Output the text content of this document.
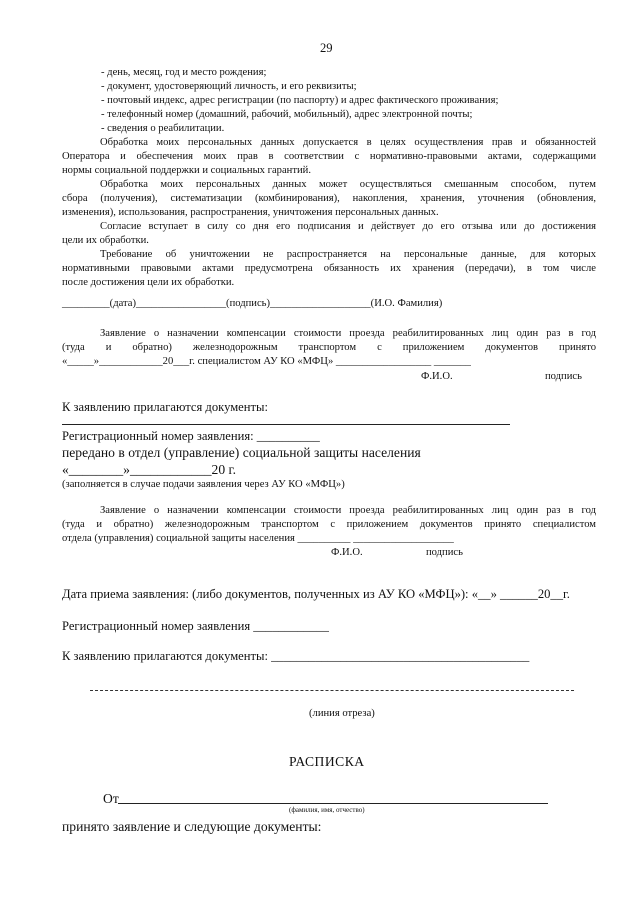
29
- день, месяц, год и место рождения;
- документ, удостоверяющий личность, и его реквизиты;
- почтовый индекс, адрес регистрации (по паспорту) и адрес фактического проживания;
- телефонный номер (домашний, рабочий, мобильный), адрес электронной почты;
- сведения о реабилитации.
Обработка моих персональных данных допускается в целях осуществления прав и обязанностей
Оператора и обеспечения моих прав в соответствии с нормативно-правовыми актами, содержащими
нормы социальной поддержки и социальных гарантий.
Обработка моих персональных данных может осуществляться смешанным способом, путем
сбора (получения), систематизации (комбинирования), накопления, хранения, уточнения (обновления,
изменения), использования, распространения, уничтожения персональных данных.
Согласие вступает в силу со дня его подписания и действует до его отзыва или до достижения
цели их обработки.
Требование об уничтожении не распространяется на персональные данные, для которых
нормативными правовыми актами предусмотрена обязанность их хранения (передачи), в том числе
после достижения цели их обработки.
_________(дата)_________________(подпись)___________________(И.О. Фамилия)
Заявление о назначении компенсации стоимости проезда реабилитированных лиц один раз в год
(туда и обратно) железнодорожным транспортом с приложением документов принято
«_____»____________20___г. специалистом АУ КО «МФЦ» __________________ _______
Ф.И.О.	подпись
К заявлению прилагаются документы:
Регистрационный номер заявления: __________
передано в отдел (управление) социальной защиты населения
«________»____________20 г.
(заполняется в случае подачи заявления через АУ КО «МФЦ»)
Заявление о назначении компенсации стоимости проезда реабилитированных лиц один раз в год
(туда и обратно) железнодорожным транспортом с приложением документов принято специалистом
отдела (управления) социальной защиты населения __________ ___________________
Ф.И.О.	подпись
Дата приема заявления: (либо документов, полученных из АУ КО «МФЦ»): «__» ______20__г.
Регистрационный номер заявления ____________
К заявлению прилагаются документы: _________________________________________
(линия отреза)
РАСПИСКА
От
(фамилия, имя, отчество)
принято заявление и следующие документы:
